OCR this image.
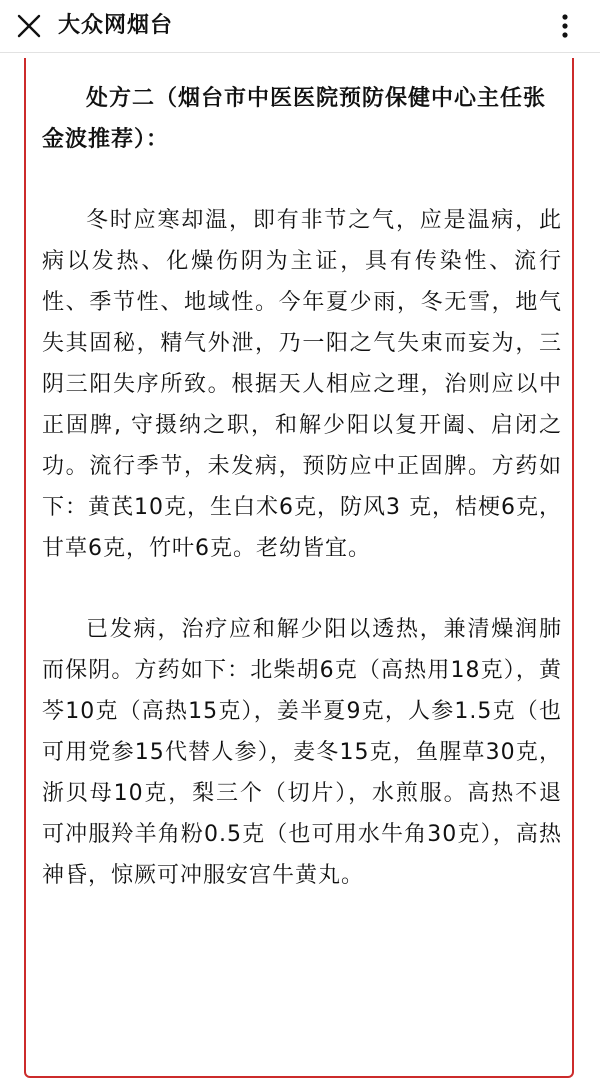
大众网烟台

处方二（烟台市中医医院预防保健中心主任张金波推荐）：

冬时应寒却温，即有非节之气，应是温病，此病以发热、化燥伤阴为主证，具有传染性、流行性、季节性、地域性。今年夏少雨，冬无雪，地气失其固秘，精气外泄，乃一阳之气失束而妄为，三阴三阳失序所致。根据天人相应之理，治则应以中正固脾, 守摄纳之职，和解少阳以复开阖、启闭之功。流行季节，未发病，预防应中正固脾。方药如下：黄芪10克，生白术6克，防风3 克，桔梗6克，甘草6克，竹叶6克。老幼皆宜。

已发病，治疗应和解少阳以透热，兼清燥润肺而保阴。方药如下：北柴胡6克（高热用18克），黄芩10克（高热15克），姜半夏9克，人参1.5克（也可用党参15代替人参），麦冬15克，鱼腥草30克，浙贝母10克，梨三个（切片），水煎服。高热不退可冲服羚羊角粉0.5克（也可用水牛角30克），高热神昏，惊厥可冲服安宫牛黄丸。
